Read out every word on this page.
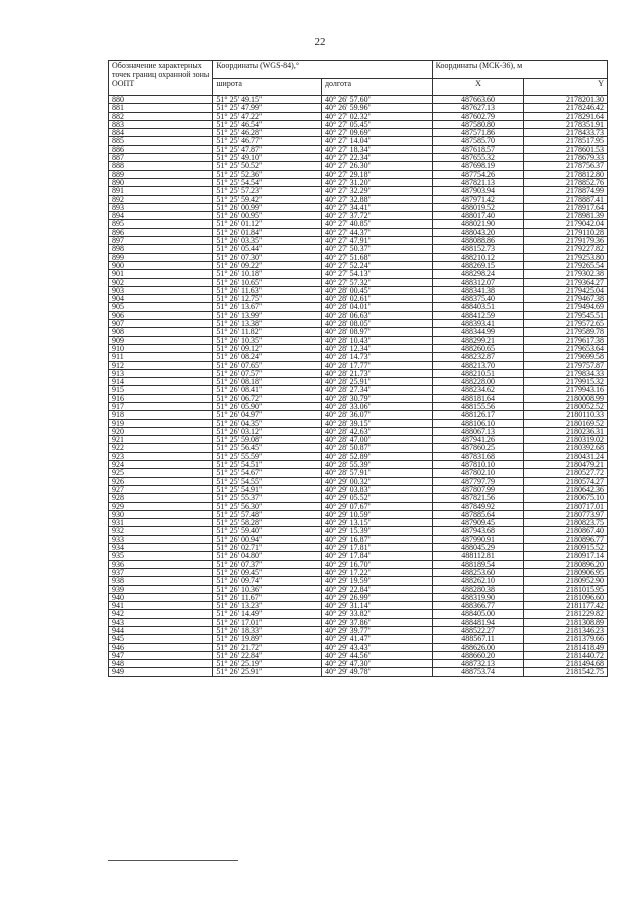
22
Обозначение характерных точек границ охранной зоны ООПТ	Координаты (WGS-84),°		Координаты (МСК-36), м	
	широта	долгота	X	Y
880	51° 25' 49.15"	40° 26' 57.60"	487663.60	2178201.30
881	51° 25' 47.99"	40° 26' 59.96"	487627.13	2178246.42
882	51° 25' 47.22"	40° 27' 02.32"	487602.79	2178291.64
883	51° 25' 46.54"	40° 27' 05.45"	487580.80	2178351.91
884	51° 25' 46.28"	40° 27' 09.69"	487571.86	2178433.73
885	51° 25' 46.77"	40° 27' 14.04"	487585.70	2178517.95
886	51° 25' 47.87"	40° 27' 18.34"	487618.57	2178601.53
887	51° 25' 49.10"	40° 27' 22.34"	487655.32	2178679.33
888	51° 25' 50.52"	40° 27' 26.30"	487698.19	2178756.37
889	51° 25' 52.36"	40° 27' 29.18"	487754.26	2178812.80
890	51° 25' 54.54"	40° 27' 31.20"	487821.13	2178852.76
891	51° 25' 57.23"	40° 27' 32.29"	487903.94	2178874.99
892	51° 25' 59.42"	40° 27' 32.88"	487971.42	2178887.41
893	51° 26' 00.99"	40° 27' 34.41"	488019.52	2178917.64
894	51° 26' 00.95"	40° 27' 37.72"	488017.40	2178981.39
895	51° 26' 01.12"	40° 27' 40.85"	488021.90	2179042.04
896	51° 26' 01.84"	40° 27' 44.37"	488043.20	2179110.28
897	51° 26' 03.35"	40° 27' 47.91"	488088.86	2179179.36
898	51° 26' 05.44"	40° 27' 50.37"	488152.73	2179227.82
899	51° 26' 07.30"	40° 27' 51.68"	488210.12	2179253.80
900	51° 26' 09.22"	40° 27' 52.24"	488269.15	2179265.54
901	51° 26' 10.18"	40° 27' 54.13"	488298.24	2179302.38
902	51° 26' 10.65"	40° 27' 57.32"	488312.07	2179364.27
903	51° 26' 11.63"	40° 28' 00.45"	488341.38	2179425.04
904	51° 26' 12.75"	40° 28' 02.61"	488375.40	2179467.38
905	51° 26' 13.67"	40° 28' 04.01"	488403.51	2179494.69
906	51° 26' 13.99"	40° 28' 06.63"	488412.59	2179545.51
907	51° 26' 13.38"	40° 28' 08.05"	488393.41	2179572.65
908	51° 26' 11.82"	40° 28' 08.97"	488344.99	2179589.78
909	51° 26' 10.35"	40° 28' 10.43"	488299.21	2179617.38
910	51° 26' 09.12"	40° 28' 12.34"	488260.65	2179653.64
911	51° 26' 08.24"	40° 28' 14.73"	488232.87	2179699.58
912	51° 26' 07.65"	40° 28' 17.77"	488213.70	2179757.87
913	51° 26' 07.57"	40° 28' 21.73"	488210.51	2179834.33
914	51° 26' 08.18"	40° 28' 25.91"	488228.00	2179915.32
915	51° 26' 08.41"	40° 28' 27.34"	488234.62	2179943.16
916	51° 26' 06.72"	40° 28' 30.79"	488181.64	2180008.99
917	51° 26' 05.90"	40° 28' 33.06"	488155.56	2180052.52
918	51° 26' 04.97"	40° 28' 36.07"	488126.17	2180110.33
919	51° 26' 04.35"	40° 28' 39.15"	488106.10	2180169.52
920	51° 26' 03.12"	40° 28' 42.63"	488067.13	2180236.31
921	51° 25' 59.08"	40° 28' 47.00"	487941.26	2180319.02
922	51° 25' 56.45"	40° 28' 50.87"	487860.25	2180392.68
923	51° 25' 55.59"	40° 28' 52.89"	487831.68	2180431.24
924	51° 25' 54.51"	40° 28' 55.39"	487810.10	2180479.21
925	51° 25' 54.67"	40° 28' 57.91"	487802.10	2180527.72
926	51° 25' 54.55"	40° 29' 00.32"	487797.79	2180574.27
927	51° 25' 54.91"	40° 29' 03.83"	487807.99	2180642.36
928	51° 25' 55.37"	40° 29' 05.52"	487821.56	2180675.10
929	51° 25' 56.30"	40° 29' 07.67"	487849.92	2180717.01
930	51° 25' 57.48"	40° 29' 10.59"	487885.64	2180773.97
931	51° 25' 58.28"	40° 29' 13.15"	487909.45	2180823.75
932	51° 25' 59.40"	40° 29' 15.39"	487943.68	2180867.40
933	51° 26' 00.94"	40° 29' 16.87"	487990.91	2180896.77
934	51° 26' 02.71"	40° 29' 17.81"	488045.29	2180915.52
935	51° 26' 04.80"	40° 29' 17.84"	488112.81	2180917.14
936	51° 26' 07.37"	40° 29' 16.70"	488189.54	2180896.20
937	51° 26' 09.45"	40° 29' 17.22"	488253.60	2180906.95
938	51° 26' 09.74"	40° 29' 19.59"	488262.10	2180952.90
939	51° 26' 10.36"	40° 29' 22.84"	488280.38	2181015.95
940	51° 26' 11.67"	40° 29' 26.99"	488319.90	2181096.60
941	51° 26' 13.23"	40° 29' 31.14"	488366.77	2181177.42
942	51° 26' 14.49"	40° 29' 33.82"	488405.00	2181229.82
943	51° 26' 17.01"	40° 29' 37.86"	488481.94	2181308.89
944	51° 26' 18.33"	40° 29' 39.77"	488522.27	2181346.23
945	51° 26' 19.89"	40° 29' 41.47"	488567.11	2181379.66
946	51° 26' 21.72"	40° 29' 43.43"	488626.00	2181418.49
947	51° 26' 22.84"	40° 29' 44.56"	488660.20	2181440.72
948	51° 26' 25.19"	40° 29' 47.30"	488732.13	2181494.68
949	51° 26' 25.91"	40° 29' 49.78"	488753.74	2181542.75
